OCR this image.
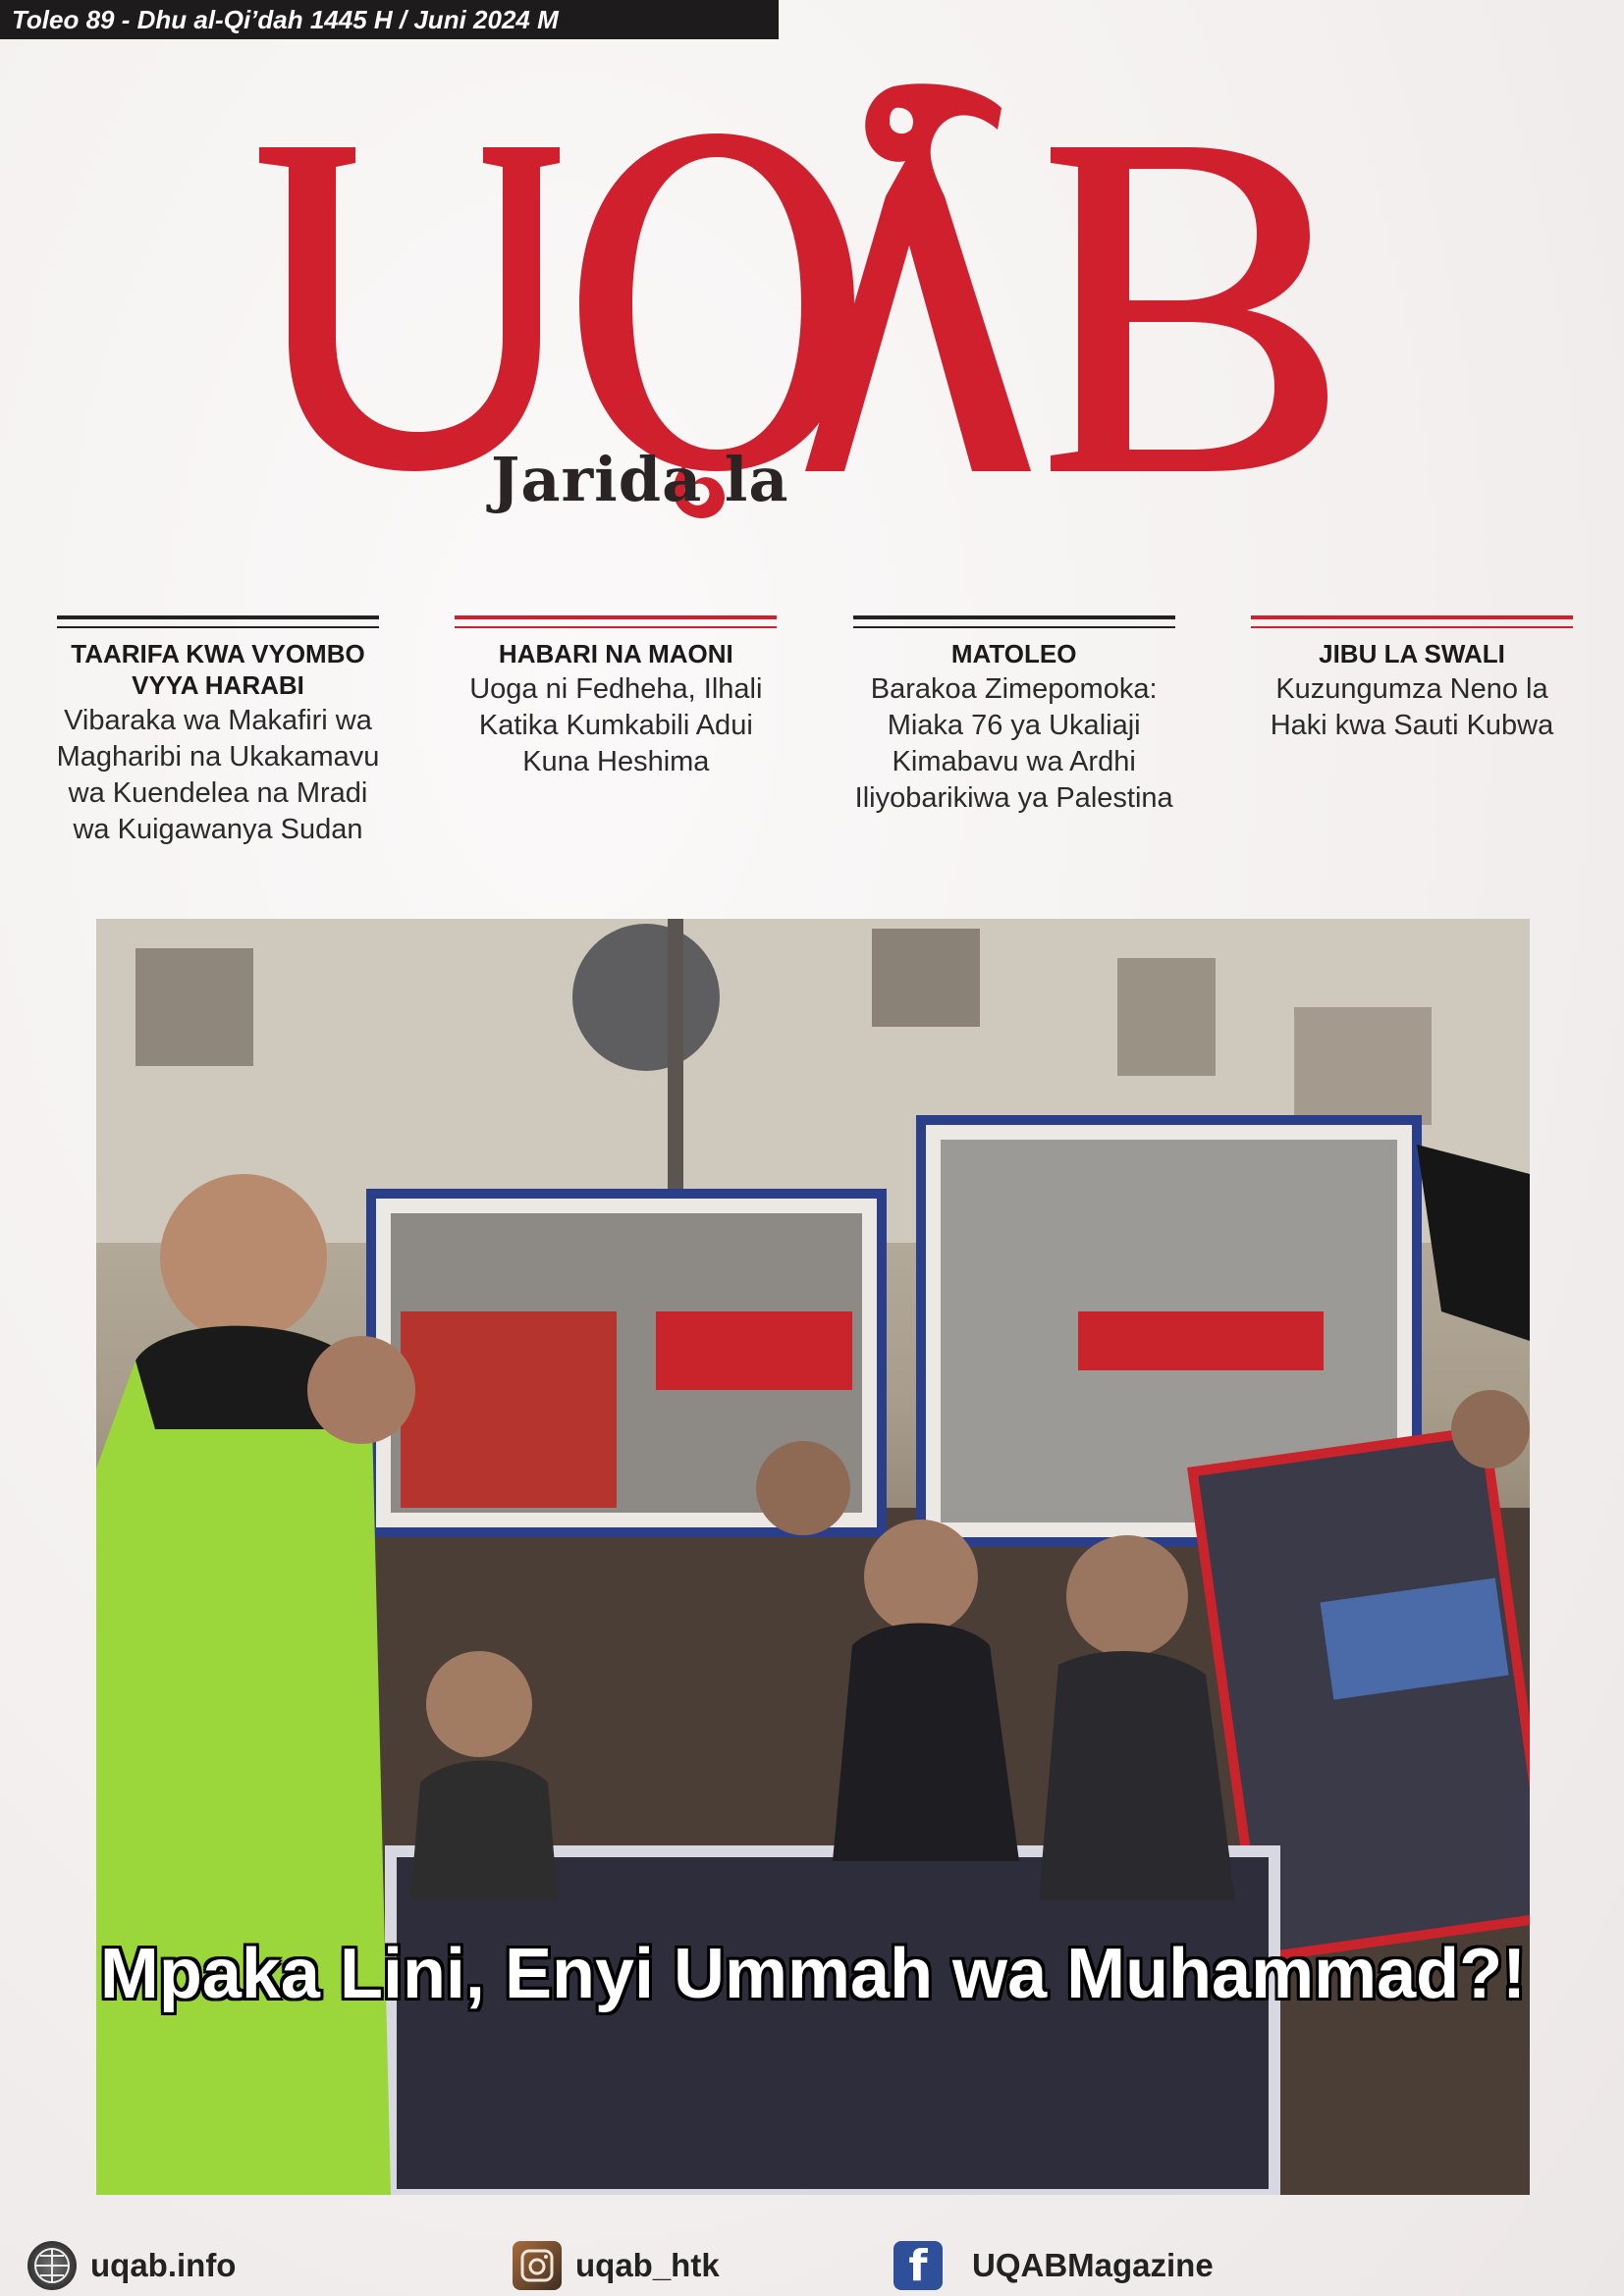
Toleo 89 - Dhu al-Qi’dah 1445 H / Juni 2024 M
Jarida la
TAARIFA KWA VYOMBO VYYA HARABI

Vibaraka wa Makafiri wa Magharibi na Ukakamavu wa Kuendelea na Mradi wa Kuigawanya Sudan

HABARI NA MAONI

Uoga ni Fedheha, Ilhali Katika Kumkabili Adui Kuna Heshima

MATOLEO

Barakoa Zimepomoka: Miaka 76 ya Ukaliaji Kimabavu wa Ardhi Iliyobarikiwa ya Palestina

JIBU LA SWALI

Kuzungumza Neno la Haki kwa Sauti Kubwa

Mpaka Lini, Enyi Ummah wa Muhammad?!
uqab.info	uqab_htk	f	UQABMagazine
